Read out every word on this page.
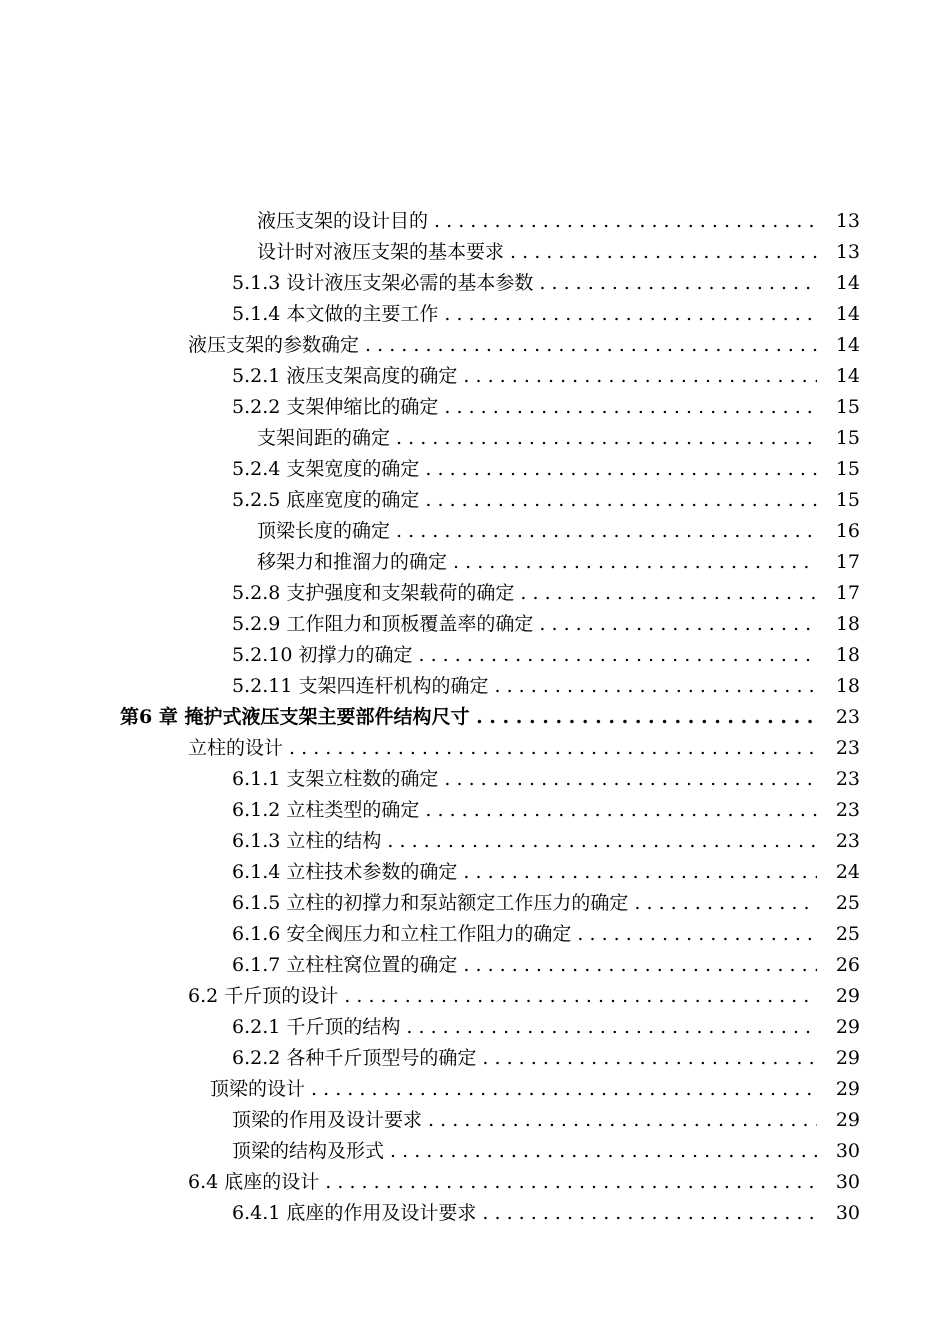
液压支架的设计目的 . . .	13
设计时对液压支架的基本要求 . . .	13
5.1.3 设计液压支架必需的基本参数 . . .	14
5.1.4 本文做的主要工作 . . .	14
液压支架的参数确定 . . .	14
5.2.1 液压支架高度的确定 . . .	14
5.2.2 支架伸缩比的确定 . . .	15
支架间距的确定 . . .	15
5.2.4 支架宽度的确定 . . .	15
5.2.5 底座宽度的确定 . . .	15
顶梁长度的确定 . . .	16
移架力和推溜力的确定 . . .	17
5.2.8 支护强度和支架载荷的确定 . . .	17
5.2.9 工作阻力和顶板覆盖率的确定 . . .	18
5.2.10 初撑力的确定 . . .	18
5.2.11 支架四连杆机构的确定 . . .	18
第6 章 掩护式液压支架主要部件结构尺寸 . . .	23
立柱的设计 . . .	23
6.1.1 支架立柱数的确定 . . .	23
6.1.2 立柱类型的确定 . . .	23
6.1.3 立柱的结构 . . .	23
6.1.4 立柱技术参数的确定 . . .	24
6.1.5 立柱的初撑力和泵站额定工作压力的确定 . . .	25
6.1.6 安全阀压力和立柱工作阻力的确定 . . .	25
6.1.7 立柱柱窝位置的确定 . . .	26
6.2 千斤顶的设计 . . .	29
6.2.1 千斤顶的结构 . . .	29
6.2.2 各种千斤顶型号的确定 . . .	29
顶梁的设计 . . .	29
顶梁的作用及设计要求 . . .	29
顶梁的结构及形式 . . .	30
6.4 底座的设计 . . .	30
6.4.1 底座的作用及设计要求 . . .	30
